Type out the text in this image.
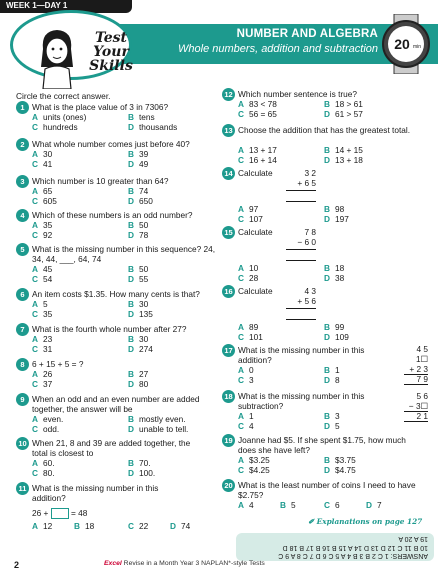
WEEK 1—DAY 1
Test
Your
Skills
NUMBER AND ALGEBRA
Whole numbers, addition and subtraction 20 min
Circle the correct answer.
1 What is the place value of 3 in 7306?
A units (ones)	B tens
C hundreds	D thousands
2 What whole number comes just before 40?
A 30	B 39
C 41	D 49
3 Which number is 10 greater than 64?
A 65	B 74
C 605	D 650
4 Which of these numbers is an odd number?
A 35	B 50
C 92	D 78
5 What is the missing number in this sequence? 24, 34, 44, ___, 64, 74
A 45	B 50
C 54	D 55
6 An item costs $1.35. How many cents is that?
A 5	B 30
C 35	D 135
7 What is the fourth whole number after 27?
A 23	B 30
C 31	D 274
8 6 + 15 + 5 = ?
A 26	B 27
C 37	D 80
9 When an odd and an even number are added together, the answer will be
A even.	B mostly even.
C odd.	D unable to tell.
10 When 21, 8 and 39 are added together, the total is closest to
A 60.	B 70.
C 80.	D 100.
11 What is the missing number in this addition?
26 +	= 48
A 12	B 18	C 22	D 74
12 Which number sentence is true?
A 83 < 78	B 18 > 61
C 56 = 65	D 61 > 57
13 Choose the addition that has the greatest total.
A 13 + 17	B 14 + 15
C 16 + 14	D 13 + 18
14 Calculate	3 2
+ 6 5
A 97	B 98
C 107	D 197
15 Calculate	7 8
− 6 0
A 10	B 18
C 28	D 38
16 Calculate	4 3
+ 5 6
A 89	B 99
C 101	D 109
17 What is the missing number in this addition?
4 5
1☐
+ 2 3
7 9
A 0	B 1
C 3	D 8
18 What is the missing number in this subtraction?
5 6
− 3☐
2 1
A 1	B 3
C 4	D 5
19 Joanne had $5. If she spent $1.75, how much does she have left?
A $3.25	B $3.75
C $4.25	D $4.75
20 What is the least number of coins I need to have $2.75?
A 4	B 5	C 6	D 7
✐ Explanations on page 127
ANSWERS: 1 C 2 B 3 B 4 A 5 C 6 D 7 C 8 A 9 C
10 B 11 C 12 D 13 D 14 A 15 B 16 B 17 B 18 D
19 A 20 A
2	Excel Revise in a Month Year 3 NAPLAN*-style Tests
